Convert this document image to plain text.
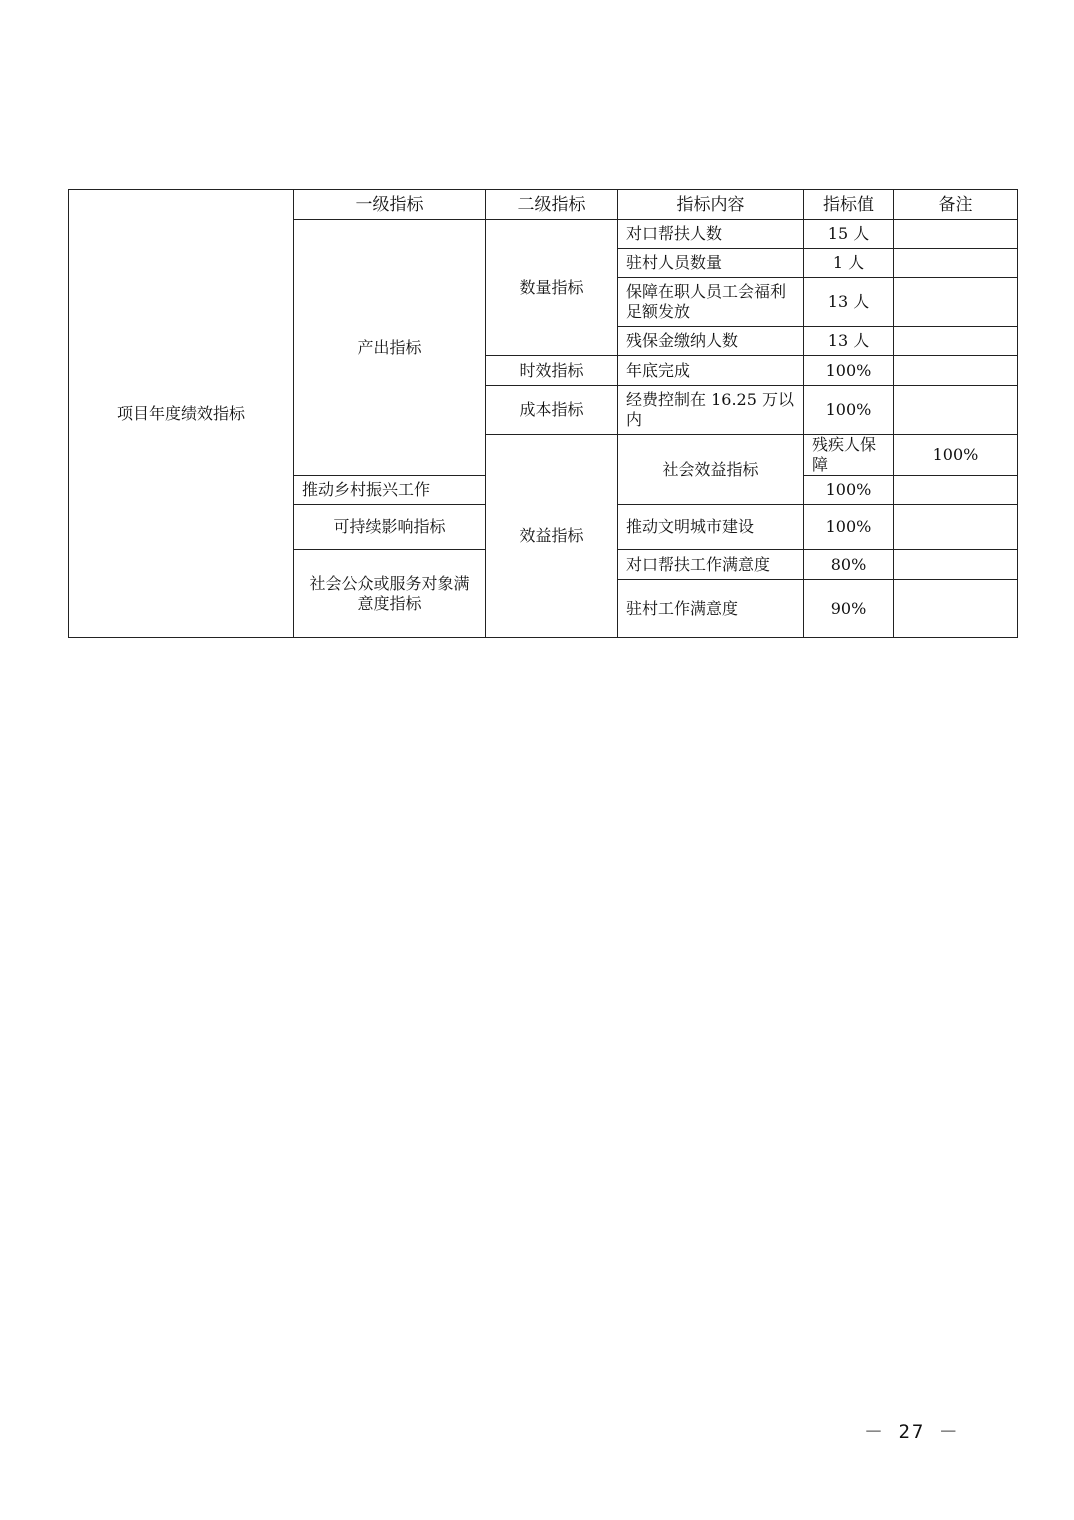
项目年度绩效指标	一级指标	二级指标	指标内容	指标值	备注	
	产出指标	数量指标	对口帮扶人数	15 人		
			驻村人员数量	1 人		
			保障在职人员工会福利足额发放	13 人		
			残保金缴纳人数	13 人		
		时效指标	年底完成	100%		
		成本指标	经费控制在 16.25 万以内	100%		
		效益指标	社会效益指标	残疾人保障	100%	
	推动乡村振兴工作			100%		
	可持续影响指标		推动文明城市建设	100%		
	社会公众或服务对象满意度指标		对口帮扶工作满意度	80%		
			驻村工作满意度	90%		
－ 27 －
